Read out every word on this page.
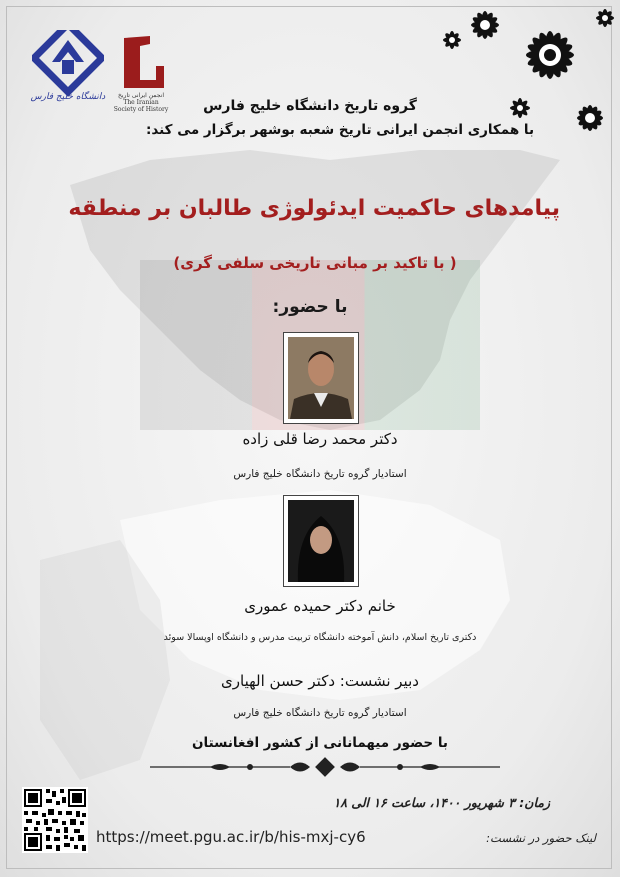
دانشگاه خلیج فارس	انجمن ایرانی تاریخ
The Iranian
Society of History	گروه تاریخ دانشگاه خلیج فارس
با همکاری انجمن ایرانی تاریخ شعبه بوشهر برگزار می کند:
پیامدهای حاکمیت ایدئولوژی طالبان بر منطقه
( با تاکید بر مبانی تاریخی سلفی گری)
با حضور:
دکتر محمد رضا قلی زاده
استادیار گروه تاریخ دانشگاه خلیج فارس
خانم دکتر حمیده عموری
دکتری تاریخ اسلام، دانش آموخته دانشگاه تربیت مدرس و دانشگاه اوپسالا سوئد
دبیر نشست: دکتر حسن الهیاری
استادیار گروه تاریخ دانشگاه خلیج فارس
با حضور میهمانانی از کشور افغانستان
زمان: ۳ شهریور ۱۴۰۰، ساعت ۱۶ الی ۱۸
https://meet.pgu.ac.ir/b/his-mxj-cy6	لینک حضور در نشست:
